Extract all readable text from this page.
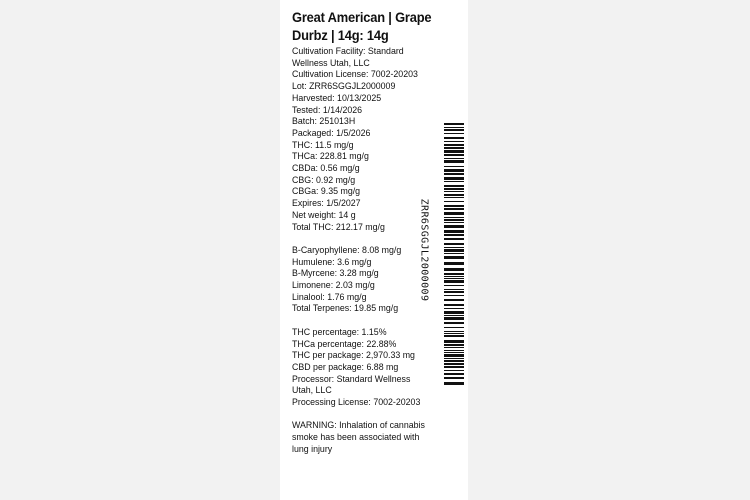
Great American | Grape
Durbz | 14g: 14g
Cultivation Facility: Standard
Wellness Utah, LLC
Cultivation License: 7002-20203
Lot: ZRR6SGGJL2000009
Harvested: 10/13/2025
Tested: 1/14/2026
Batch: 251013H
Packaged: 1/5/2026
THC: 11.5 mg/g
THCa: 228.81 mg/g
CBDa: 0.56 mg/g
CBG: 0.92 mg/g
CBGa: 9.35 mg/g
Expires: 1/5/2027
Net weight: 14 g
Total THC: 212.17 mg/g
B-Caryophyllene: 8.08 mg/g
Humulene: 3.6 mg/g
B-Myrcene: 3.28 mg/g
Limonene: 2.03 mg/g
Linalool: 1.76 mg/g
Total Terpenes: 19.85 mg/g
THC percentage: 1.15%
THCa percentage: 22.88%
THC per package: 2,970.33 mg
CBD per package: 6.88 mg
Processor: Standard Wellness
Utah, LLC
Processing License: 7002-20203
WARNING: Inhalation of cannabis
smoke has been associated with
lung injury
ZRR6SGGJL2000009
